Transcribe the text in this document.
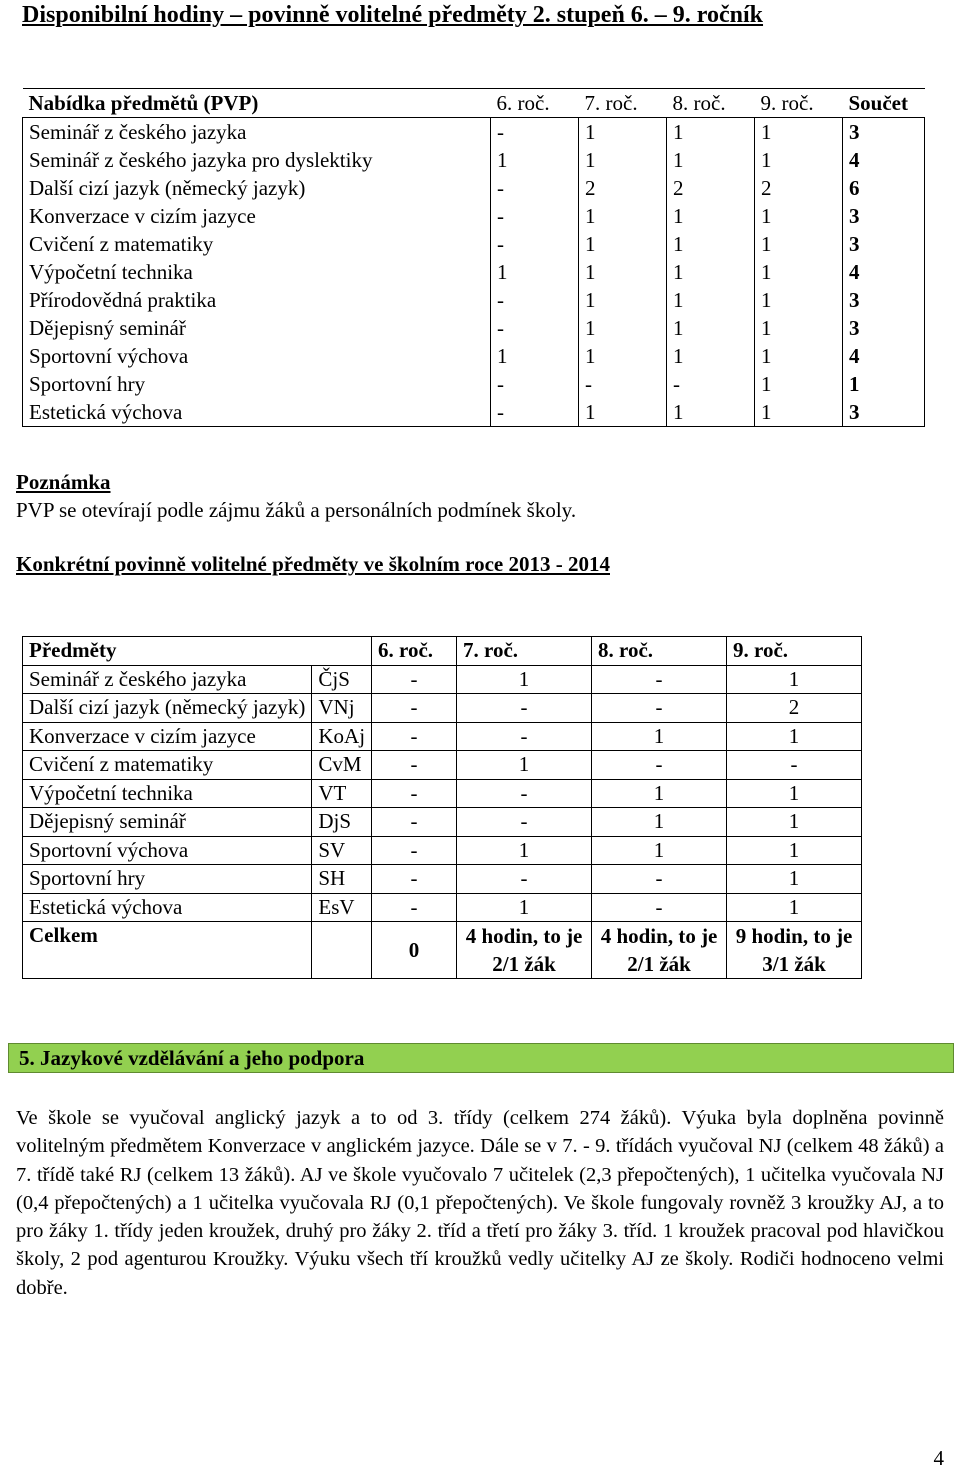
Disponibilní hodiny – povinně volitelné předměty 2. stupeň 6. – 9. ročník
Nabídka předmětů (PVP)	6. roč.	7. roč.	8. roč.	9. roč.	Součet
Seminář z českého jazyka	-	1	1	1	3
Seminář z českého jazyka pro dyslektiky	1	1	1	1	4
Další cizí jazyk (německý jazyk)	-	2	2	2	6
Konverzace v cizím jazyce	-	1	1	1	3
Cvičení z matematiky	-	1	1	1	3
Výpočetní technika	1	1	1	1	4
Přírodovědná praktika	-	1	1	1	3
Dějepisný seminář	-	1	1	1	3
Sportovní výchova	1	1	1	1	4
Sportovní hry	-	-	-	1	1
Estetická výchova	-	1	1	1	3
Poznámka
PVP se otevírají podle zájmu žáků a personálních podmínek školy.
Konkrétní povinně volitelné předměty ve školním roce 2013 - 2014
Předměty		6. roč.	7. roč.	8. roč.	9. roč.
Seminář z českého jazyka	ČjS	-	1	-	1
Další cizí jazyk (německý jazyk)	VNj	-	-	-	2
Konverzace v cizím jazyce	KoAj	-	-	1	1
Cvičení z matematiky	CvM	-	1	-	-
Výpočetní technika	VT	-	-	1	1
Dějepisný seminář	DjS	-	-	1	1
Sportovní výchova	SV	-	1	1	1
Sportovní hry	SH	-	-	-	1
Estetická výchova	EsV	-	1	-	1
Celkem		0	4 hodin, to je 2/1 žák	4 hodin, to je 2/1 žák	9 hodin, to je 3/1 žák
5. Jazykové vzdělávání a jeho podpora
Ve škole se vyučoval anglický jazyk a to od 3. třídy (celkem 274 žáků). Výuka byla doplněna povinně volitelným předmětem Konverzace v anglickém jazyce. Dále se v 7. - 9. třídách vyučoval NJ (celkem 48 žáků) a 7. třídě také RJ (celkem 13 žáků). AJ ve škole vyučovalo 7 učitelek (2,3 přepočtených), 1 učitelka vyučovala NJ (0,4 přepočtených) a 1 učitelka vyučovala RJ (0,1 přepočtených). Ve škole fungovaly rovněž 3 kroužky AJ, a to pro žáky 1. třídy jeden kroužek, druhý pro žáky 2. tříd a třetí pro žáky 3. tříd. 1 kroužek pracoval pod hlavičkou školy, 2 pod agenturou Kroužky. Výuku všech tří kroužků vedly učitelky AJ ze školy. Rodiči hodnoceno velmi dobře.
4
